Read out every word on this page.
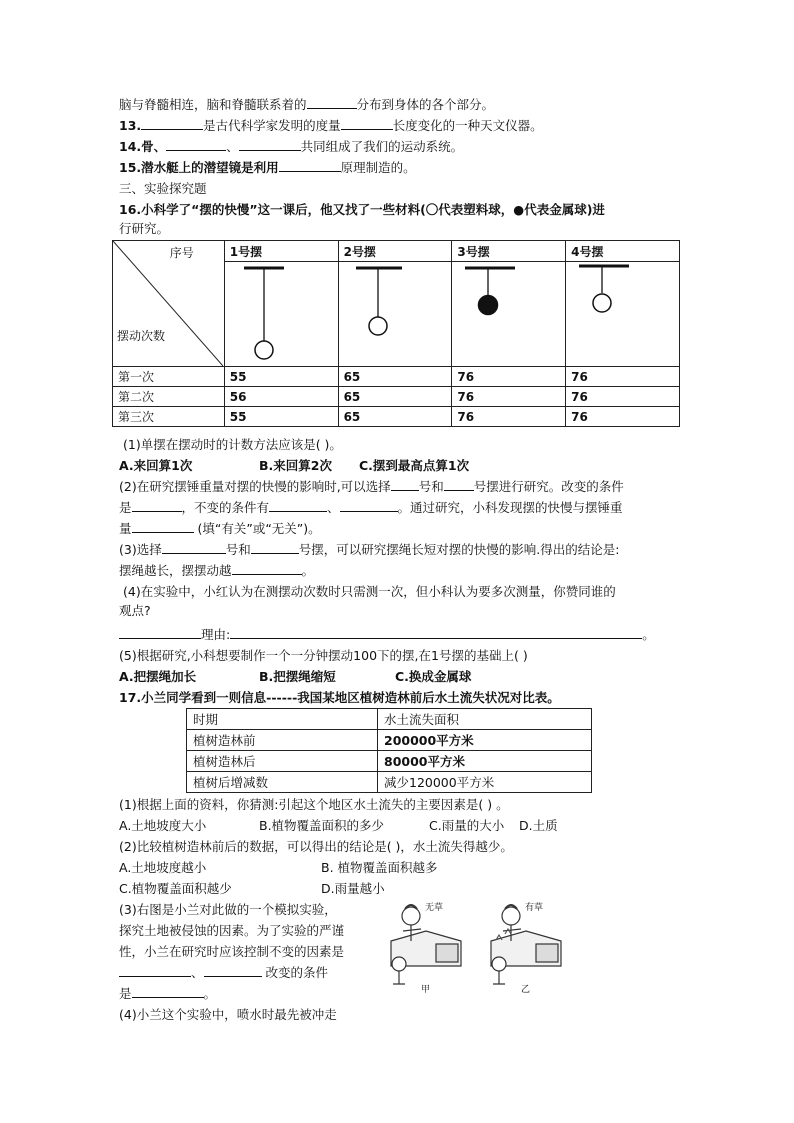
脑与脊髓相连，脑和脊髓联系着的	分布到身体的各个部分。
13.	是古代科学家发明的度量	长度变化的一种天文仪器。
14.骨、	、	共同组成了我们的运动系统。
15.潜水艇上的潜望镜是利用	原理制造的。
三、实验探究题
16.小科学了“摆的快慢”这一课后，他又找了一些材料(〇代表塑料球，●代表金属球)进
行研究。
序号
摆动次数	1号摆	2号摆	3号摆	4号摆

第一次	55	65	76	76
第二次	56	65	76	76
第三次	55	65	76	76
(1)单摆在摆动时的计数方法应该是( )。
A.来回算1次	B.来回算2次 C.摆到最高点算1次
(2)在研究摆锤重量对摆的快慢的影响时,可以选择 号和 号摆进行研究。改变的条件
是	，不变的条件有	、	。通过研究，小科发现摆的快慢与摆锤重
量	(填“有关”或“无关”)。
(3)选择	号和	号摆，可以研究摆绳长短对摆的快慢的影响.得出的结论是:
摆绳越长，摆摆动越	。
(4)在实验中，小红认为在测摆动次数时只需测一次，但小科认为要多次测量，你赞同谁的
观点?
理由:	。
(5)根据研究,小科想要制作一个一分钟摆动100下的摆,在1号摆的基础上( )
A.把摆绳加长	B.把摆绳缩短	C.换成金属球
17.小兰同学看到一则信息------我国某地区植树造林前后水土流失状况对比表。
时期	水土流失面积
植树造林前	200000平方米
植树造林后	80000平方米
植树后增减数	减少120000平方米
(1)根据上面的资料，你猜测:引起这个地区水土流失的主要因素是( ) 。
A.土地坡度大小	B.植物覆盖面积的多少	C.雨量的大小 D.土质
(2)比较植树造林前后的数据，可以得出的结论是( )，水土流失得越少。
A.土地坡度越小	B. 植物覆盖面积越多
C.植物覆盖面积越少	D.雨量越小
(3)右图是小兰对此做的一个模拟实验，
探究土地被侵蚀的因素。为了实验的严谨
性，小兰在研究时应该控制不变的因素是
、	改变的条件
是	。
(4)小兰这个实验中，喷水时最先被冲走
无草	有草
甲	乙
